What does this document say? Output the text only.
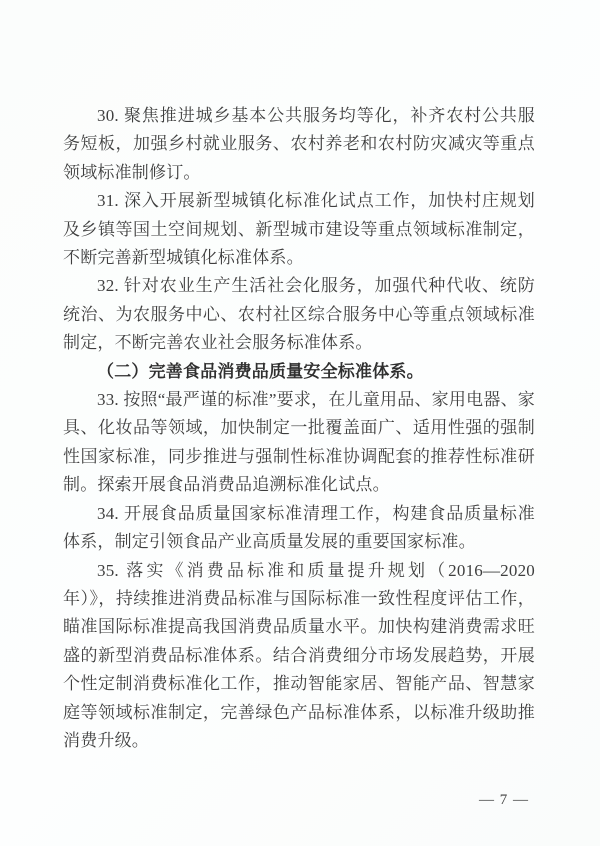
30. 聚焦推进城乡基本公共服务均等化，补齐农村公共服务短板，加强乡村就业服务、农村养老和农村防灾减灾等重点领域标准制修订。

31. 深入开展新型城镇化标准化试点工作，加快村庄规划及乡镇等国土空间规划、新型城市建设等重点领域标准制定，不断完善新型城镇化标准体系。

32. 针对农业生产生活社会化服务，加强代种代收、统防统治、为农服务中心、农村社区综合服务中心等重点领域标准制定，不断完善农业社会服务标准体系。

（二）完善食品消费品质量安全标准体系。

33. 按照“最严谨的标准”要求，在儿童用品、家用电器、家具、化妆品等领域，加快制定一批覆盖面广、适用性强的强制性国家标准，同步推进与强制性标准协调配套的推荐性标准研制。探索开展食品消费品追溯标准化试点。

34. 开展食品质量国家标准清理工作，构建食品质量标准体系，制定引领食品产业高质量发展的重要国家标准。

35. 落实《消费品标准和质量提升规划（2016—2020 年）》，持续推进消费品标准与国际标准一致性程度评估工作，瞄准国际标准提高我国消费品质量水平。加快构建消费需求旺盛的新型消费品标准体系。结合消费细分市场发展趋势，开展个性定制消费标准化工作，推动智能家居、智能产品、智慧家庭等领域标准制定，完善绿色产品标准体系，以标准升级助推消费升级。

— 7 —
